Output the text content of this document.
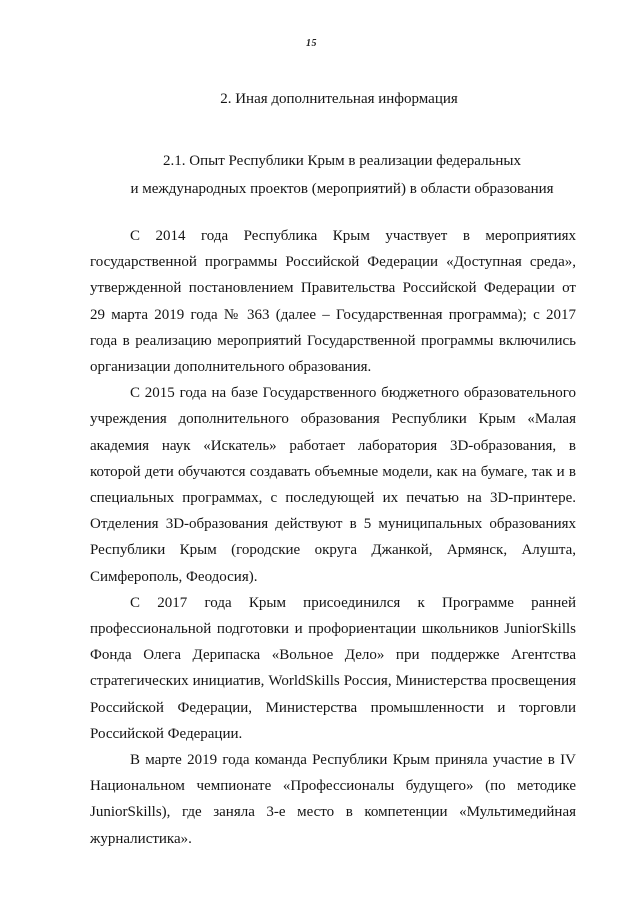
15
2. Иная дополнительная информация
2.1. Опыт Республики Крым в реализации федеральных
и международных проектов (мероприятий) в области образования

С 2014 года Республика Крым участвует в мероприятиях государственной программы Российской Федерации «Доступная среда», утвержденной постановлением Правительства Российской Федерации от 29 марта 2019 года № 363 (далее – Государственная программа); с 2017 года в реализацию мероприятий Государственной программы включились организации дополнительного образования.

С 2015 года на базе Государственного бюджетного образовательного учреждения дополнительного образования Республики Крым «Малая академия наук «Искатель» работает лаборатория 3D-образования, в которой дети обучаются создавать объемные модели, как на бумаге, так и в специальных программах, с последующей их печатью на 3D-принтере. Отделения 3D-образования действуют в 5 муниципальных образованиях Республики Крым (городские округа Джанкой, Армянск, Алушта, Симферополь, Феодосия).

С 2017 года Крым присоединился к Программе ранней профессиональной подготовки и профориентации школьников JuniorSkills Фонда Олега Дерипаска «Вольное Дело» при поддержке Агентства стратегических инициатив, WorldSkills Россия, Министерства просвещения Российской Федерации, Министерства промышленности и торговли Российской Федерации.

В марте 2019 года команда Республики Крым приняла участие в IV Национальном чемпионате «Профессионалы будущего» (по методике JuniorSkills), где заняла 3-е место в компетенции «Мультимедийная журналистика».
